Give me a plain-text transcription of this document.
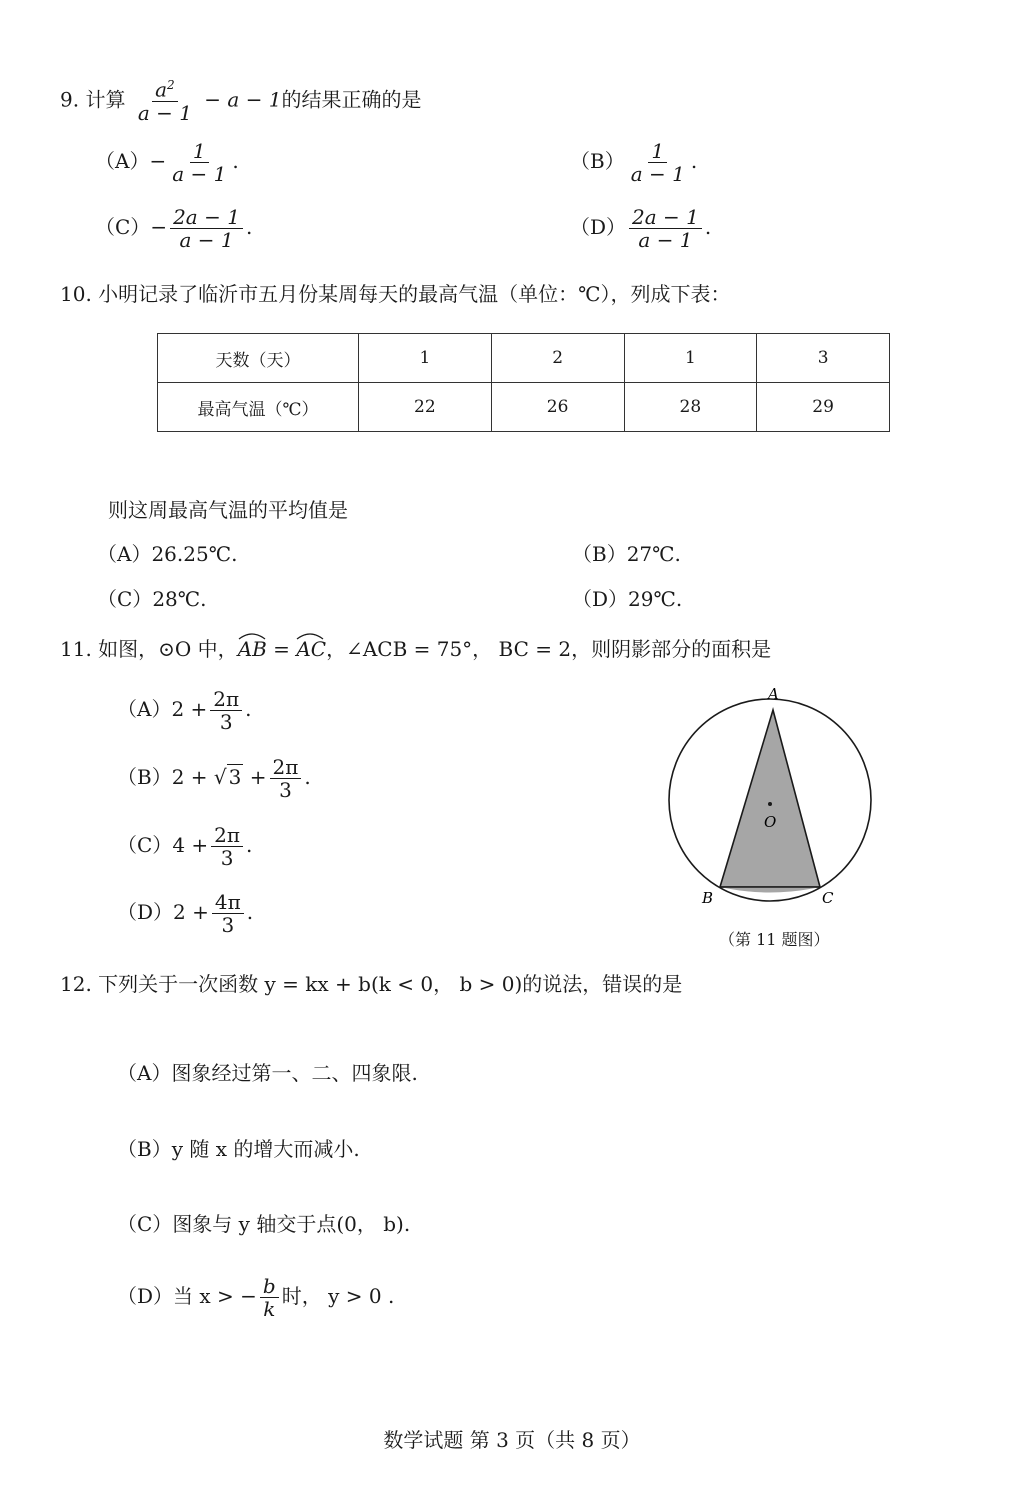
9. 计算 $\frac{a^2}{a - 1} - a - 1$的结果正确的是
$(A)- \frac{1}{a - 1}$ .	$(B) \frac{1}{a - 1}$ .
$(C)- \frac{2a - 1}{a - 1}$ .	$(D) \frac{2a - 1}{a - 1}$ .
10. 小明记录了临沂市五月份某周每天的最高气温（单位：℃），列成下表：
天数（天）	1	2	1	3
最高气温（℃）	22	26	28	29
则这周最高气温的平均值是
（A）26.25℃.	（B）27℃.
（C）28℃.	（D）29℃.
11. 如图，⊙O 中，
AB =
AC，∠ACB = 75°， BC = 2，则阴影部分的面积是
$(A)2 + \frac{2\pi}{3}$ .
（B）2 + √ $3 + \frac{2\pi}{3}$ .
$(C)4 + \frac{2\pi}{3}$ .
$(D)2 + \frac{4\pi}{3}$ .
A
O
B	C
（第 11 题图）
12. 下列关于一次函数 y = kx + b(k < 0， b > 0)的说法，错误的是
（A）图象经过第一、二、四象限.
（B）y 随 x 的增大而减小.
（C）图象与 y 轴交于点(0， b).
（D）当 x > − $\frac{b}{k}$ 时， y > 0 .
数学试题 第 3 页（共 8 页）
